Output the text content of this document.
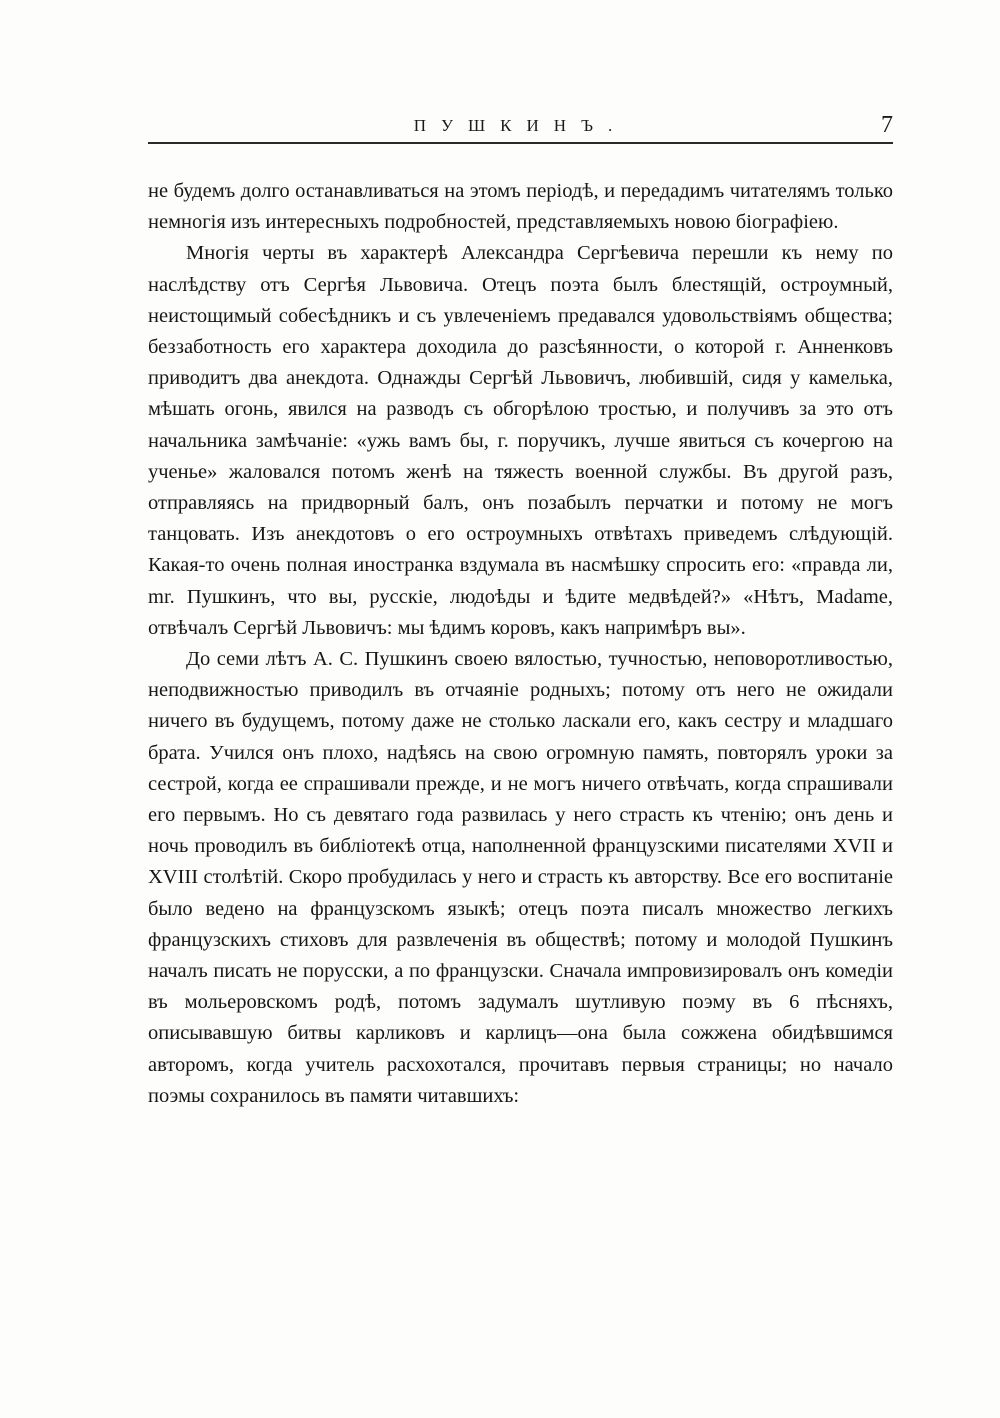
ПУШКИНЪ.	7

не будемъ долго останавливаться на этомъ періодѣ, и передадимъ читателямъ только немногія изъ интересныхъ подробностей, представляемыхъ новою біографіею.

Многія черты въ характерѣ Александра Сергѣевича перешли къ нему по наслѣдству отъ Сергѣя Львовича. Отецъ поэта былъ блестящій, остроумный, неистощимый собесѣдникъ и съ увлеченіемъ предавался удовольствіямъ общества; беззаботность его характера доходила до разсѣянности, о которой г. Анненковъ приводитъ два анекдота. Однажды Сергѣй Львовичъ, любившій, сидя у камелька, мѣшать огонь, явился на разводъ съ обгорѣлою тростью, и получивъ за это отъ начальника замѣчаніе: «ужь вамъ бы, г. поручикъ, лучше явиться съ кочергою на ученье» жаловался потомъ женѣ на тяжесть военной службы. Въ другой разъ, отправляясь на придворный балъ, онъ позабылъ перчатки и потому не могъ танцовать. Изъ анекдотовъ о его остроумныхъ отвѣтахъ приведемъ слѣдующій. Какая-то очень полная иностранка вздумала въ насмѣшку спросить его: «правда ли, mr. Пушкинъ, что вы, русскіе, людоѣды и ѣдите медвѣдей?» «Нѣтъ, Madame, отвѣчалъ Сергѣй Львовичъ: мы ѣдимъ коровъ, какъ напримѣръ вы».

До семи лѣтъ А. С. Пушкинъ своею вялостью, тучностью, неповоротливостью, неподвижностью приводилъ въ отчаяніе родныхъ; потому отъ него не ожидали ничего въ будущемъ, потому даже не столько ласкали его, какъ сестру и младшаго брата. Учился онъ плохо, надѣясь на свою огромную память, повторялъ уроки за сестрой, когда ее спрашивали прежде, и не могъ ничего отвѣчать, когда спрашивали его первымъ. Но съ девятаго года развилась у него страсть къ чтенію; онъ день и ночь проводилъ въ библіотекѣ отца, наполненной французскими писателями XVII и XVIII столѣтій. Скоро пробудилась у него и страсть къ авторству. Все его воспитаніе было ведено на французскомъ языкѣ; отецъ поэта писалъ множество легкихъ французскихъ стиховъ для развлеченія въ обществѣ; потому и молодой Пушкинъ началъ писать не порусски, а по французски. Сначала импровизировалъ онъ комедіи въ мольеровскомъ родѣ, потомъ задумалъ шутливую поэму въ 6 пѣсняхъ, описывавшую битвы карликовъ и карлицъ—она была сожжена обидѣвшимся авторомъ, когда учитель расхохотался, прочитавъ первыя страницы; но начало поэмы сохранилось въ памяти читавшихъ:
